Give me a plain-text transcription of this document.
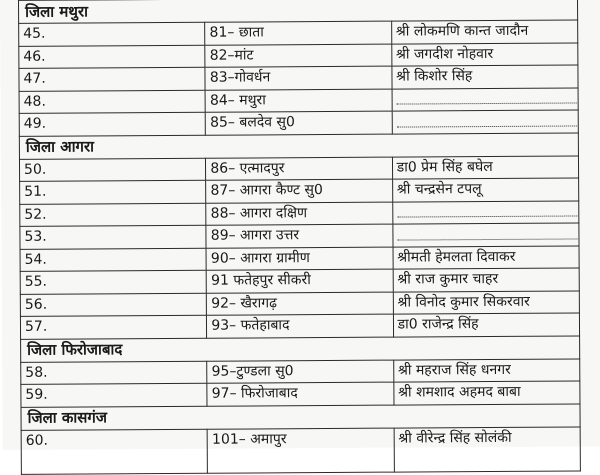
जिला मथुरा		
45.	81– छाता	श्री लोकमणि कान्त जादौन
46.	82–मांट	श्री जगदीश नोहवार
47.	83–गोवर्धन	श्री किशोर सिंह
48.	84– मथुरा	
49.	85– बलदेव सु0	
जिला आगरा		
50.	86– एत्मादपुर	डा0 प्रेम सिंह बघेल
51.	87– आगरा कैण्ट सु0	श्री चन्द्रसेन टपलू
52.	88– आगरा दक्षिण	
53.	89– आगरा उत्तर	
54.	90– आगरा ग्रामीण	श्रीमती हेमलता दिवाकर
55.	91 फतेहपुर सीकरी	श्री राज कुमार चाहर
56.	92– खैरागढ़	श्री विनोद कुमार सिकरवार
57.	93– फतेहाबाद	डा0 राजेन्द्र सिंह
जिला फिरोजाबाद		
58.	95–टुण्डला सु0	श्री महराज सिंह धनगर
59.	97– फिरोजाबाद	श्री शमशाद अहमद बाबा
जिला कासगंज		
60.	101– अमापुर	श्री वीरेन्द्र सिंह सोलंकी
